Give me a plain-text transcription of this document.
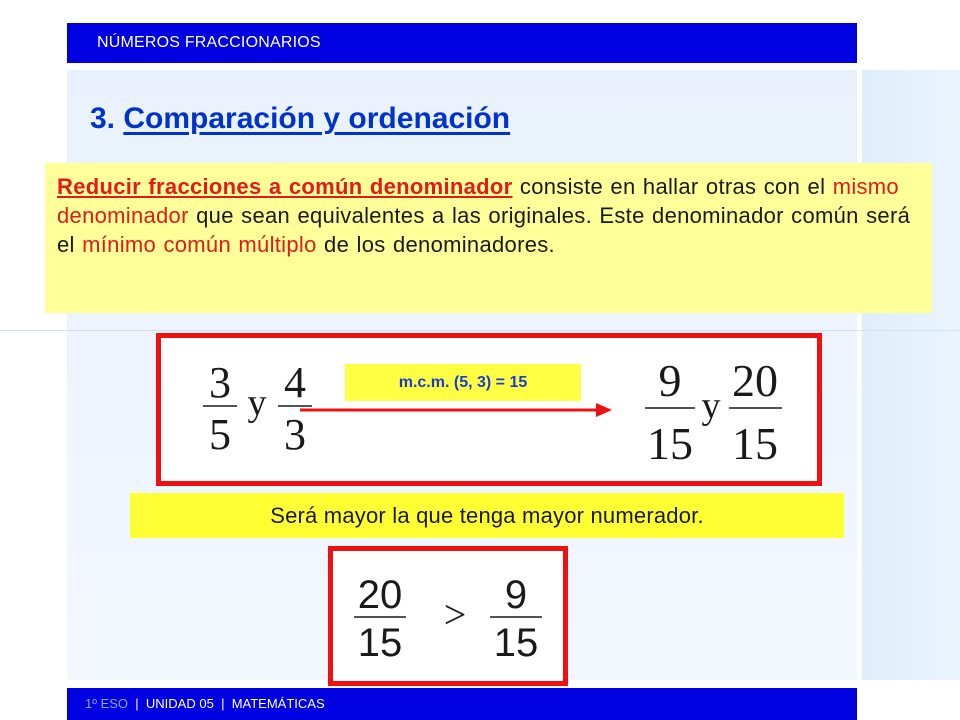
NÚMEROS FRACCIONARIOS
3. Comparación y ordenación
Reducir fracciones a común denominador consiste en hallar otras con el mismo denominador que sean equivalentes a las originales. Este denominador común será el mínimo común múltiplo de los denominadores.
3
5
y 4
3
m.c.m. (5, 3) = 15	9
15
y 20
15
Será mayor la que tenga mayor numerador.
20
15
> 9
15
1º ESO | UNIDAD 05 | MATEMÁTICAS
